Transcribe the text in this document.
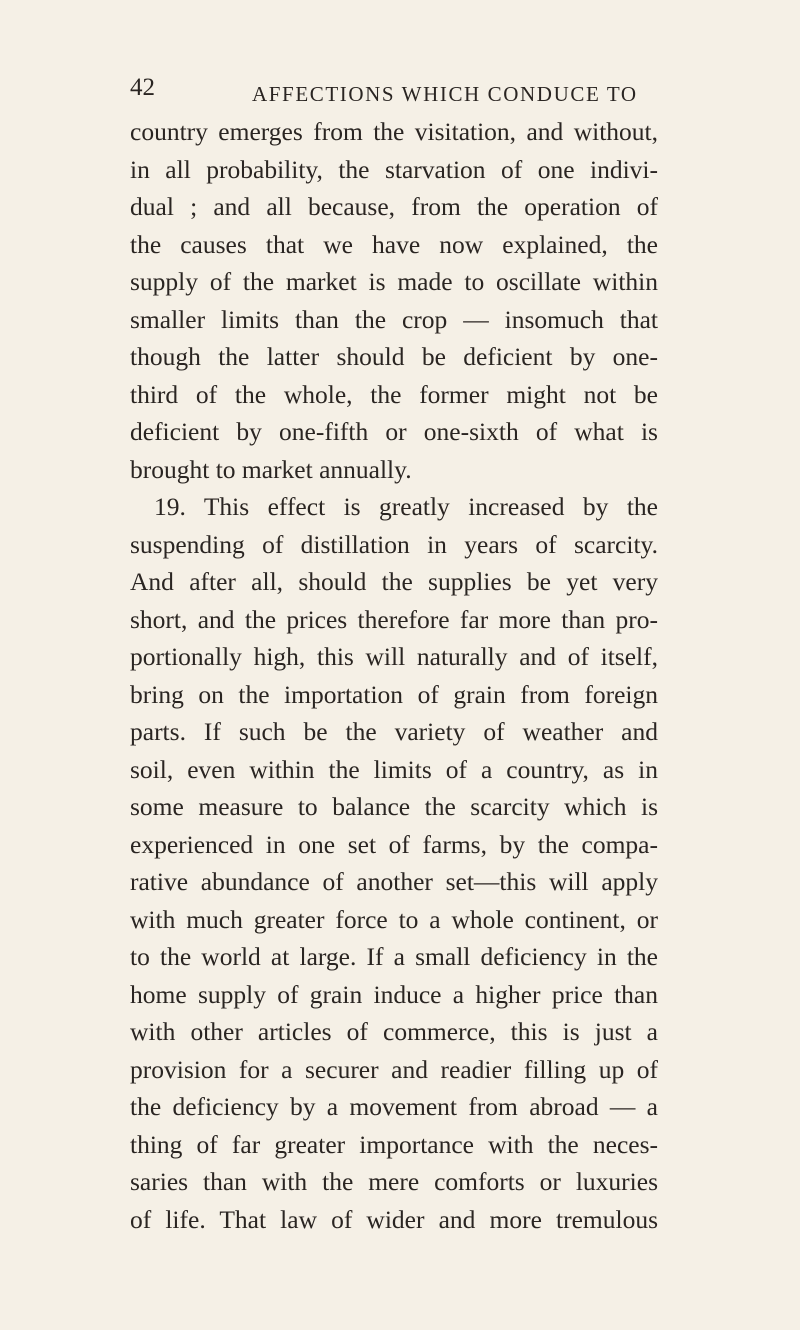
42	AFFECTIONS WHICH CONDUCE TO
country emerges from the visitation, and without,
in all probability, the starvation of one indivi-
dual ; and all because, from the operation of
the causes that we have now explained, the
supply of the market is made to oscillate within
smaller limits than the crop — insomuch that
though the latter should be deficient by one-
third of the whole, the former might not be
deficient by one-fifth or one-sixth of what is
brought to market annually.
19. This effect is greatly increased by the
suspending of distillation in years of scarcity.
And after all, should the supplies be yet very
short, and the prices therefore far more than pro-
portionally high, this will naturally and of itself,
bring on the importation of grain from foreign
parts. If such be the variety of weather and
soil, even within the limits of a country, as in
some measure to balance the scarcity which is
experienced in one set of farms, by the compa-
rative abundance of another set—this will apply
with much greater force to a whole continent, or
to the world at large. If a small deficiency in the
home supply of grain induce a higher price than
with other articles of commerce, this is just a
provision for a securer and readier filling up of
the deficiency by a movement from abroad — a
thing of far greater importance with the neces-
saries than with the mere comforts or luxuries
of life. That law of wider and more tremulous
